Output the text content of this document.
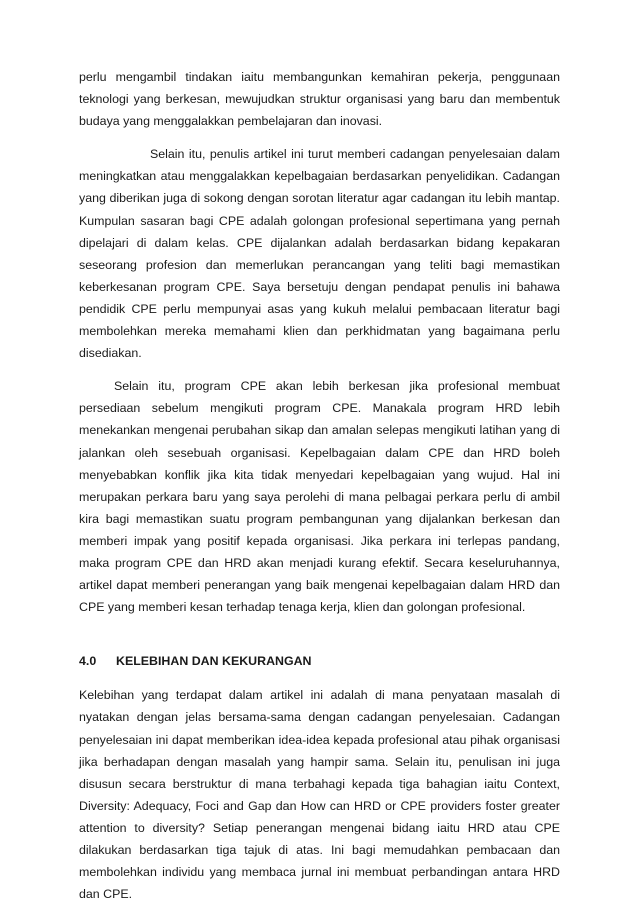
perlu mengambil tindakan iaitu membangunkan kemahiran pekerja, penggunaan teknologi yang berkesan, mewujudkan struktur organisasi yang baru dan membentuk budaya yang menggalakkan pembelajaran dan inovasi.

Selain itu, penulis artikel ini turut memberi cadangan penyelesaian dalam meningkatkan atau menggalakkan kepelbagaian berdasarkan penyelidikan. Cadangan yang diberikan juga di sokong dengan sorotan literatur agar cadangan itu lebih mantap. Kumpulan sasaran bagi CPE adalah golongan profesional sepertimana yang pernah dipelajari di dalam kelas. CPE dijalankan adalah berdasarkan bidang kepakaran seseorang profesion dan memerlukan perancangan yang teliti bagi memastikan keberkesanan program CPE. Saya bersetuju dengan pendapat penulis ini bahawa pendidik CPE perlu mempunyai asas yang kukuh melalui pembacaan literatur bagi membolehkan mereka memahami klien dan perkhidmatan yang bagaimana perlu disediakan.

Selain itu, program CPE akan lebih berkesan jika profesional membuat persediaan sebelum mengikuti program CPE. Manakala program HRD lebih menekankan mengenai perubahan sikap dan amalan selepas mengikuti latihan yang di jalankan oleh sesebuah organisasi. Kepelbagaian dalam CPE dan HRD boleh menyebabkan konflik jika kita tidak menyedari kepelbagaian yang wujud. Hal ini merupakan perkara baru yang saya perolehi di mana pelbagai perkara perlu di ambil kira bagi memastikan suatu program pembangunan yang dijalankan berkesan dan memberi impak yang positif kepada organisasi. Jika perkara ini terlepas pandang, maka program CPE dan HRD akan menjadi kurang efektif. Secara keseluruhannya, artikel dapat memberi penerangan yang baik mengenai kepelbagaian dalam HRD dan CPE yang memberi kesan terhadap tenaga kerja, klien dan golongan profesional.

4.0	KELEBIHAN DAN KEKURANGAN

Kelebihan yang terdapat dalam artikel ini adalah di mana penyataan masalah di nyatakan dengan jelas bersama-sama dengan cadangan penyelesaian. Cadangan penyelesaian ini dapat memberikan idea-idea kepada profesional atau pihak organisasi jika berhadapan dengan masalah yang hampir sama. Selain itu, penulisan ini juga disusun secara berstruktur di mana terbahagi kepada tiga bahagian iaitu Context, Diversity: Adequacy, Foci and Gap dan How can HRD or CPE providers foster greater attention to diversity? Setiap penerangan mengenai bidang iaitu HRD atau CPE dilakukan berdasarkan tiga tajuk di atas. Ini bagi memudahkan pembacaan dan membolehkan individu yang membaca jurnal ini membuat perbandingan antara HRD dan CPE.
